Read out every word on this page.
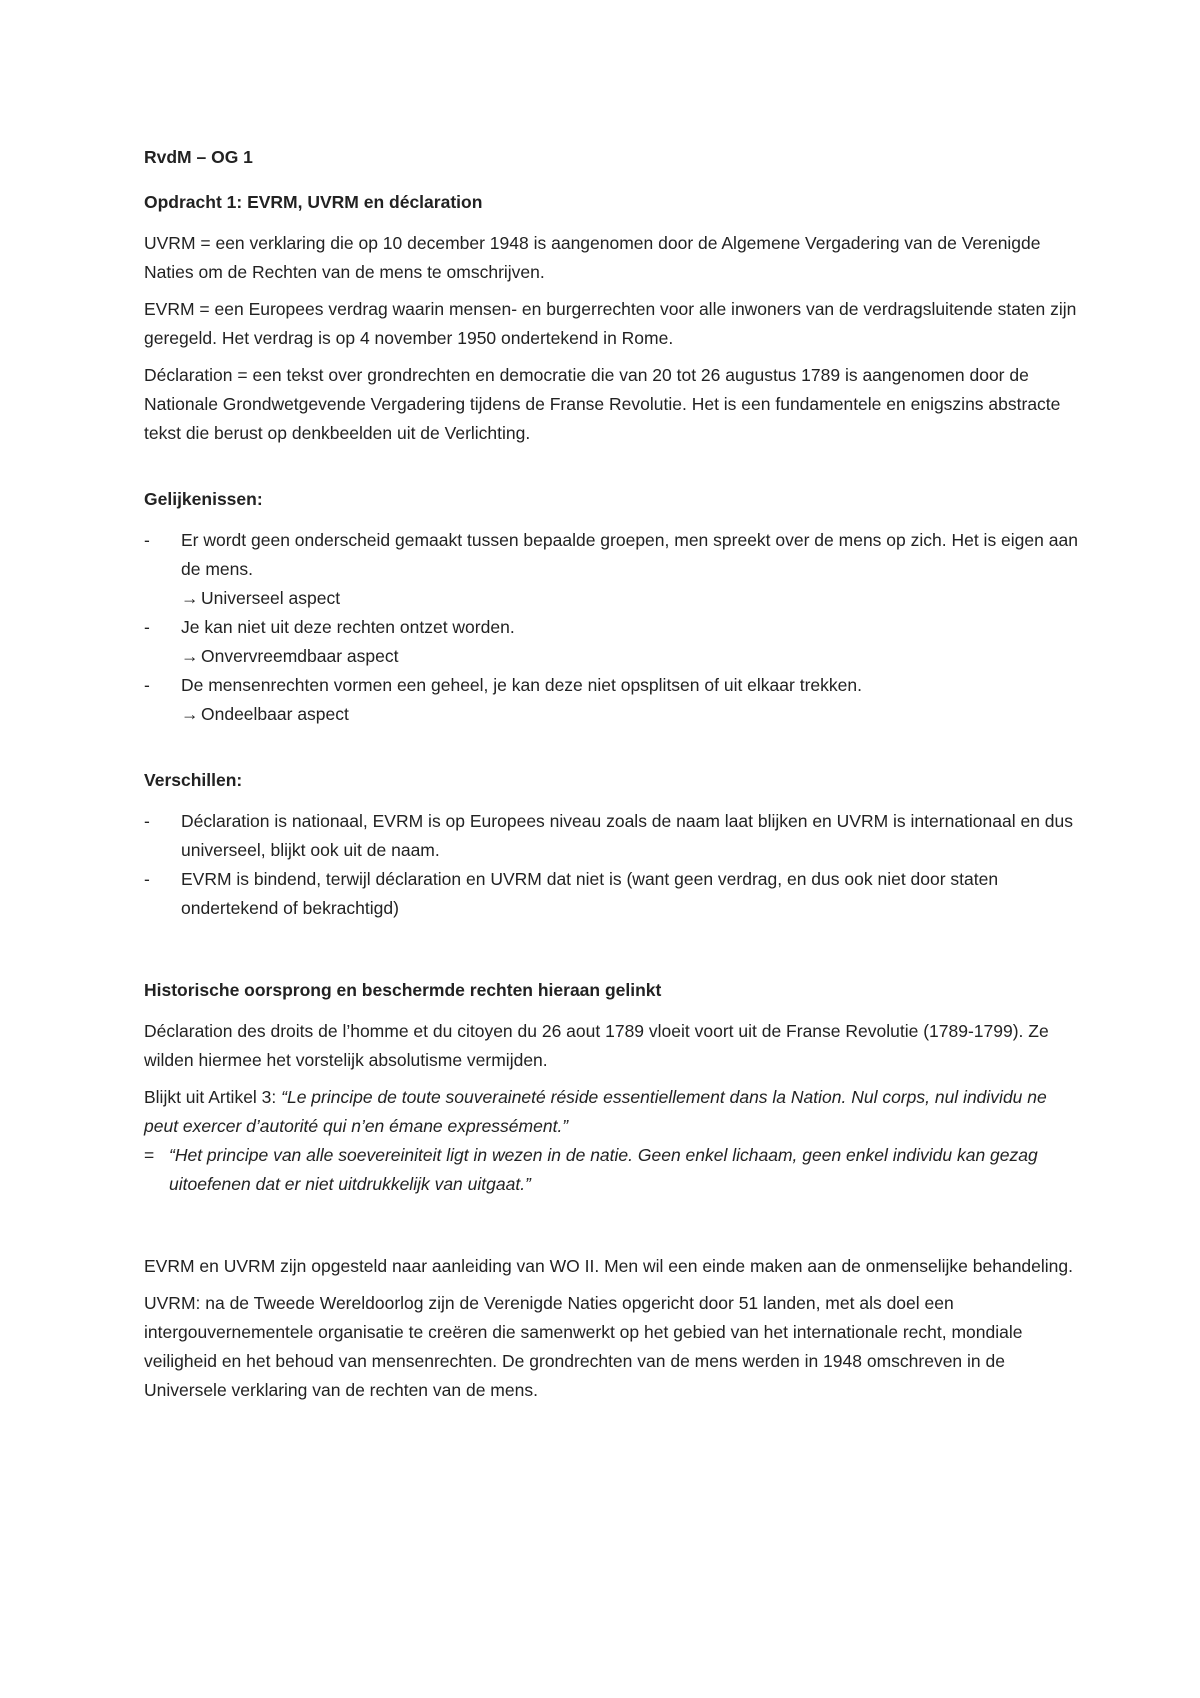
RvdM – OG 1
Opdracht 1: EVRM, UVRM en déclaration
UVRM = een verklaring die op 10 december 1948 is aangenomen door de Algemene Vergadering van de Verenigde Naties om de Rechten van de mens te omschrijven.
EVRM = een Europees verdrag waarin mensen- en burgerrechten voor alle inwoners van de verdragsluitende staten zijn geregeld. Het verdrag is op 4 november 1950 ondertekend in Rome.
Déclaration = een tekst over grondrechten en democratie die van 20 tot 26 augustus 1789 is aangenomen door de Nationale Grondwetgevende Vergadering tijdens de Franse Revolutie. Het is een fundamentele en enigszins abstracte tekst die berust op denkbeelden uit de Verlichting.
Gelijkenissen:
- Er wordt geen onderscheid gemaakt tussen bepaalde groepen, men spreekt over de mens op zich. Het is eigen aan de mens.
→ Universeel aspect
- Je kan niet uit deze rechten ontzet worden.
→ Onvervreemdbaar aspect
- De mensenrechten vormen een geheel, je kan deze niet opsplitsen of uit elkaar trekken.
→ Ondeelbaar aspect
Verschillen:
- Déclaration is nationaal, EVRM is op Europees niveau zoals de naam laat blijken en UVRM is internationaal en dus universeel, blijkt ook uit de naam.
- EVRM is bindend, terwijl déclaration en UVRM dat niet is (want geen verdrag, en dus ook niet door staten ondertekend of bekrachtigd)
Historische oorsprong en beschermde rechten hieraan gelinkt
Déclaration des droits de l’homme et du citoyen du 26 aout 1789 vloeit voort uit de Franse Revolutie (1789-1799). Ze wilden hiermee het vorstelijk absolutisme vermijden.
Blijkt uit Artikel 3: “Le principe de toute souveraineté réside essentiellement dans la Nation. Nul corps, nul individu ne peut exercer d’autorité qui n’en émane expressément.”
= “Het principe van alle soevereiniteit ligt in wezen in de natie. Geen enkel lichaam, geen enkel individu kan gezag uitoefenen dat er niet uitdrukkelijk van uitgaat.”
EVRM en UVRM zijn opgesteld naar aanleiding van WO II. Men wil een einde maken aan de onmenselijke behandeling.
UVRM: na de Tweede Wereldoorlog zijn de Verenigde Naties opgericht door 51 landen, met als doel een intergouvernementele organisatie te creëren die samenwerkt op het gebied van het internationale recht, mondiale veiligheid en het behoud van mensenrechten. De grondrechten van de mens werden in 1948 omschreven in de Universele verklaring van de rechten van de mens.
